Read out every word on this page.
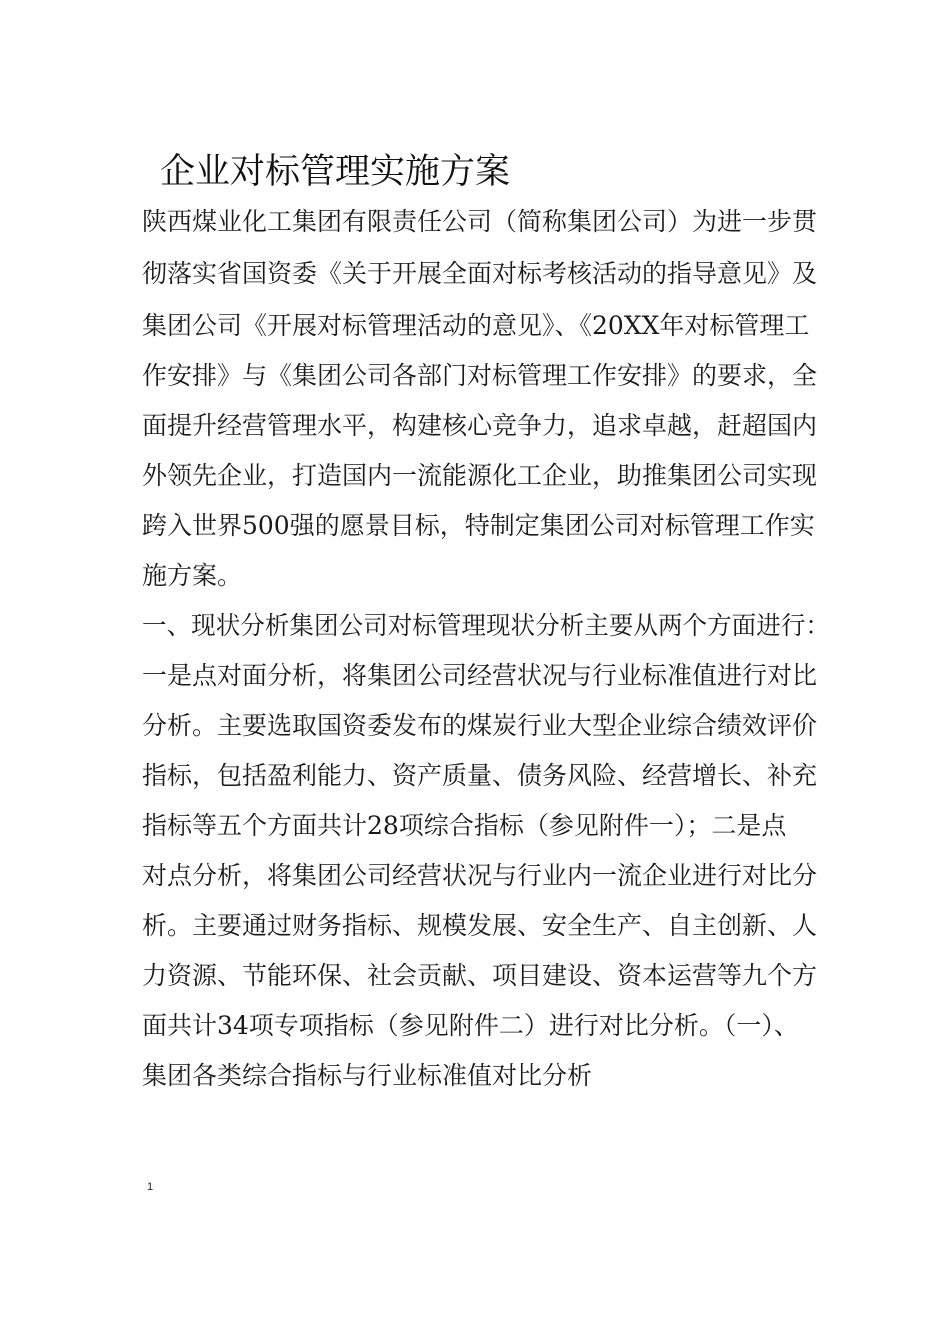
企业对标管理实施方案

陕西煤业化工集团有限责任公司（简称集团公司）为进一步贯

彻落实省国资委《关于开展全面对标考核活动的指导意见》及

集团公司《开展对标管理活动的意见》、《20XX年对标管理工

作安排》与《集团公司各部门对标管理工作安排》的要求，全

面提升经营管理水平，构建核心竞争力，追求卓越，赶超国内

外领先企业，打造国内一流能源化工企业，助推集团公司实现

跨入世界500强的愿景目标，特制定集团公司对标管理工作实

施方案。

一、现状分析集团公司对标管理现状分析主要从两个方面进行：

一是点对面分析，将集团公司经营状况与行业标准值进行对比

分析。主要选取国资委发布的煤炭行业大型企业综合绩效评价

指标，包括盈利能力、资产质量、债务风险、经营增长、补充

指标等五个方面共计28项综合指标（参见附件一）；二是点

对点分析，将集团公司经营状况与行业内一流企业进行对比分

析。主要通过财务指标、规模发展、安全生产、自主创新、人

力资源、节能环保、社会贡献、项目建设、资本运营等九个方

面共计34项专项指标（参见附件二）进行对比分析。（一）、

集团各类综合指标与行业标准值对比分析

1
